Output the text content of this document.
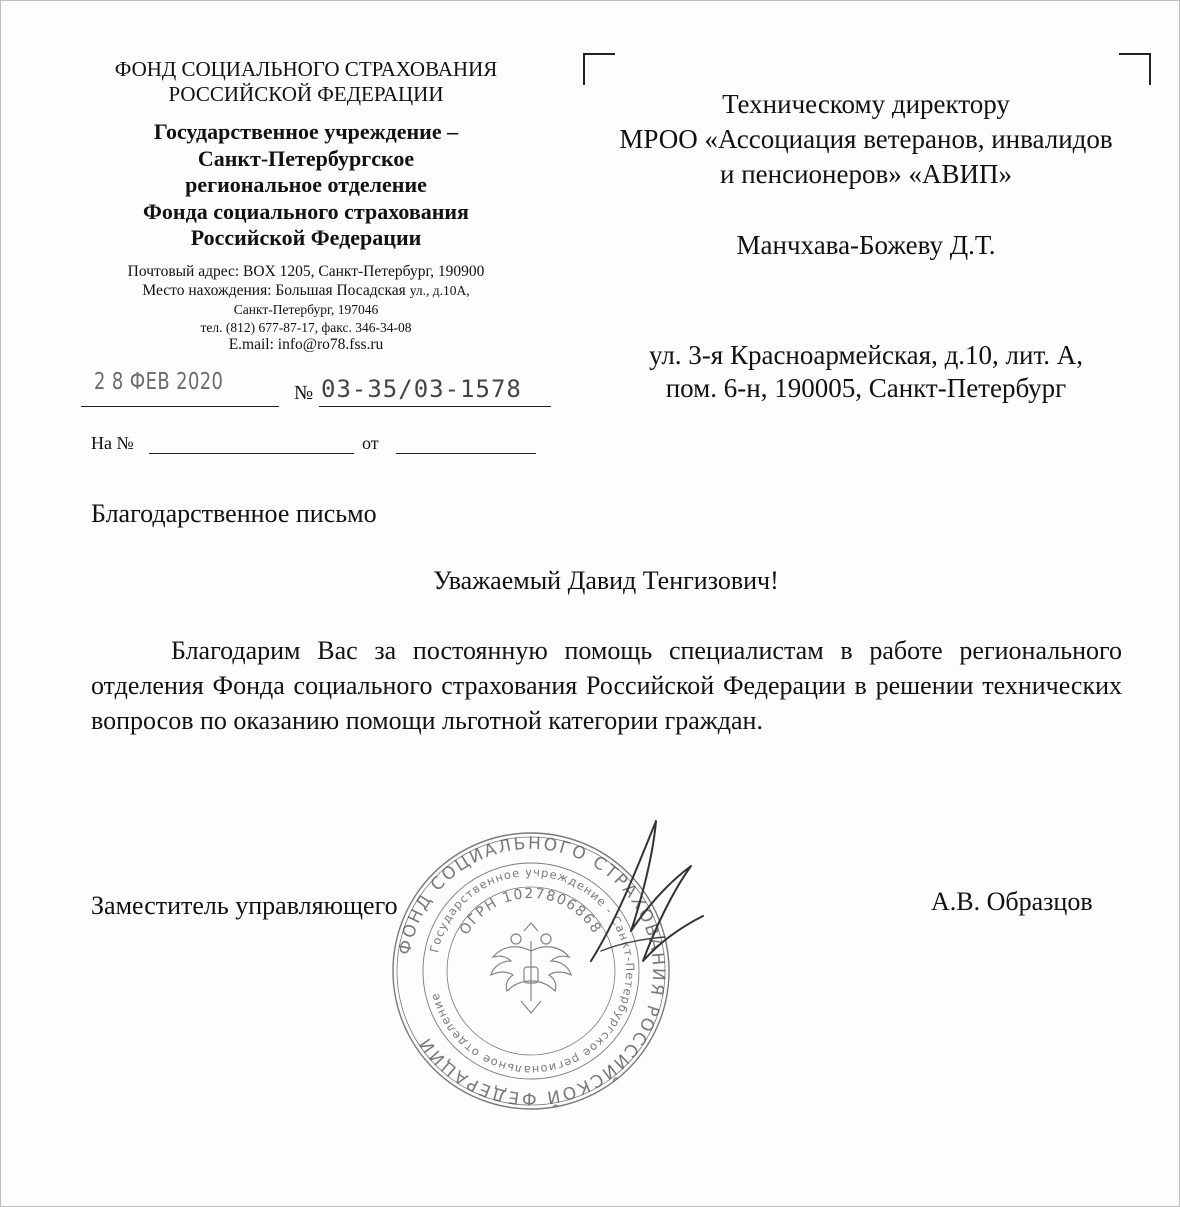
ФОНД СОЦИАЛЬНОГО СТРАХОВАНИЯ
РОССИЙСКОЙ ФЕДЕРАЦИИ
Государственное учреждение –
Санкт-Петербургское
региональное отделение
Фонда социального страхования
Российской Федерации
Почтовый адрес: BOX 1205, Санкт-Петербург, 190900
Место нахождения: Большая Посадская ул., д.10А,
Санкт-Петербург, 197046
тел. (812) 677-87-17, факс. 346-34-08
E.mail: info@ro78.fss.ru
2 8 ФЕВ 2020	№ 03-35/03-1578
На №	от
Техническому директору
МРОО «Ассоциация ветеранов, инвалидов
и пенсионеров» «АВИП»
Манчхава-Божеву Д.Т.
ул. 3-я Красноармейская, д.10, лит. А,
пом. 6-н, 190005, Санкт-Петербург
Благодарственное письмо
Уважаемый Давид Тенгизович!
Благодарим Вас за постоянную помощь специалистам в работе регионального отделения Фонда социального страхования Российской Федерации в решении технических вопросов по оказанию помощи льготной категории граждан.
Заместитель управляющего	А.В. Образцов
ФОНД СОЦИАЛЬНОГО СТРАХОВАНИЯ РОССИЙСКОЙ ФЕДЕРАЦИИ
Государственное учреждение - Санкт-Петербургское региональное отделение
ОГРН 1027806868
